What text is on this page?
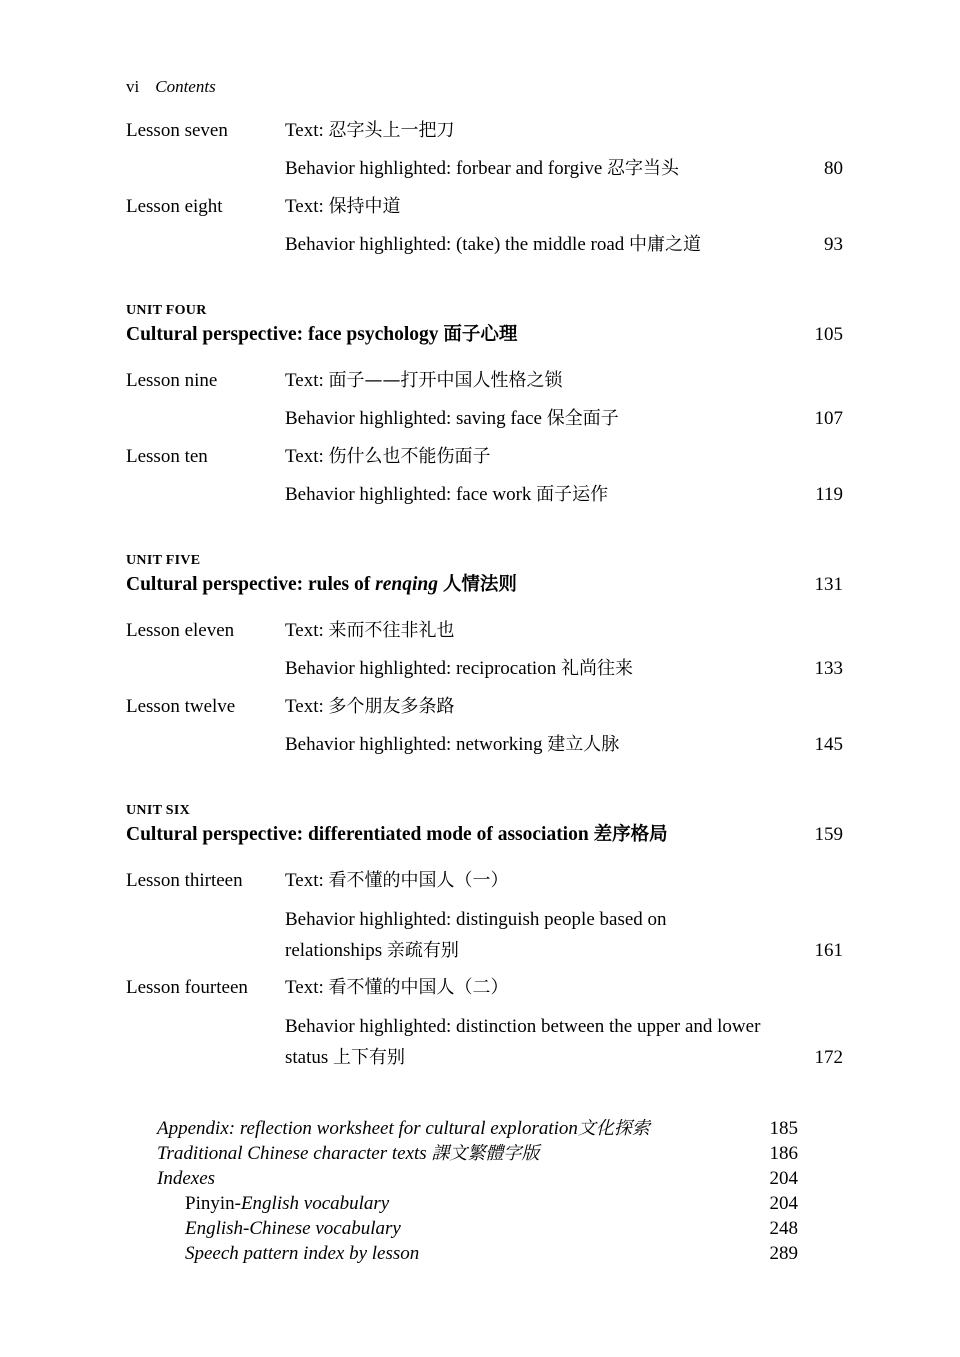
vi Contents
Lesson seven	Text: 忍字头上一把刀
Behavior highlighted: forbear and forgive 忍字当头	80
Lesson eight	Text: 保持中道
Behavior highlighted: (take) the middle road 中庸之道	93
UNIT FOUR
Cultural perspective: face psychology 面子心理	105
Lesson nine	Text: 面子——打开中国人性格之锁
Behavior highlighted: saving face 保全面子	107
Lesson ten	Text: 伤什么也不能伤面子
Behavior highlighted: face work 面子运作	119
UNIT FIVE
Cultural perspective: rules of renqing 人情法则	131
Lesson eleven	Text: 来而不往非礼也
Behavior highlighted: reciprocation 礼尚往来	133
Lesson twelve	Text: 多个朋友多条路
Behavior highlighted: networking 建立人脉	145
UNIT SIX
Cultural perspective: differentiated mode of association 差序格局	159
Lesson thirteen	Text: 看不懂的中国人（一）
Behavior highlighted: distinguish people based on relationships 亲疏有别	161
Lesson fourteen	Text: 看不懂的中国人（二）
Behavior highlighted: distinction between the upper and lower status 上下有别	172
Appendix: reflection worksheet for cultural exploration文化探索	185
Traditional Chinese character texts 課文繁體字版	186
Indexes	204
Pinyin-English vocabulary	204
English-Chinese vocabulary	248
Speech pattern index by lesson	289
